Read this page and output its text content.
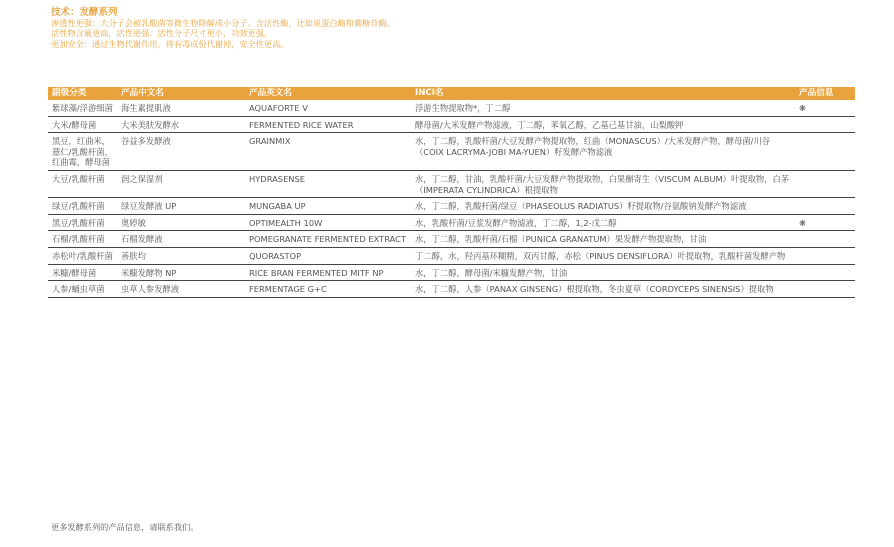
技术：发酵系列
渗透性更强：大分子会被乳酸菌等微生物降解成小分子。含活性酶，比如说蛋白酶和葡糖苷酶。
活性物含量更高，活性更强：活性分子尺寸更小，功效更强。
更加安全：通过生物代谢作用，将有毒成份代谢掉，安全性更高。
副级分类	产品中文名	产品英文名	INCI名	产品信息
紫球藻/浮游细菌	海生素提肌液	AQUAFORTE V	浮游生物提取物*，丁二醇	❋
大米/酵母菌	大米美肤发酵水	FERMENTED RICE WATER	酵母菌/大米发酵产物滤液，丁二醇，苯氧乙醇，乙基己基甘油，山梨酸钾	
黑豆，红曲米，薏仁/乳酸杆菌，红曲霉，酵母菌	谷益多发酵液	GRAINMIX	水，丁二醇，乳酸杆菌/大豆发酵产物提取物，红曲（MONASCUS）/大米发酵产物，酵母菌/川谷（COIX LACRYMA-JOBI MA-YUEN）籽发酵产物滤液	
大豆/乳酸杆菌	润之保湿剂	HYDRASENSE	水，丁二醇，甘油，乳酸杆菌/大豆发酵产物提取物，白果槲寄生（VISCUM ALBUM）叶提取物，白茅（IMPERATA CYLINDRICA）根提取物	
绿豆/乳酸杆菌	绿豆发酵液 UP	MUNGABA UP	水，丁二醇，乳酸杆菌/绿豆（PHASEOLUS RADIATUS）籽提取物/谷氨酸钠发酵产物滤液	
黑豆/乳酸杆菌	奥婷敏	OPTIMEALTH 10W	水，乳酸杆菌/豆浆发酵产物滤液，丁二醇，1,2-戊二醇	❋
石榴/乳酸杆菌	石榴发酵液	POMEGRANATE FERMENTED EXTRACT	水，丁二醇，乳酸杆菌/石榴（PUNICA GRANATUM）果发酵产物提取物，甘油	
赤松叶/乳酸杆菌	善肤均	QUORASTOP	丁二醇，水，羟丙基环糊精，双丙甘醇，赤松（PINUS DENSIFLORA）叶提取物，乳酸杆菌发酵产物	
米糠/酵母菌	米糠发酵物 NP	RICE BRAN FERMENTED MITF NP	水，丁二醇，酵母菌/米糠发酵产物，甘油	
人参/蛹虫草菌	虫草人参发酵液	FERMENTAGE G+C	水，丁二醇，人参（PANAX GINSENG）根提取物，冬虫夏草（CORDYCEPS SINENSIS）提取物	
更多发酵系列的产品信息，请联系我们。
